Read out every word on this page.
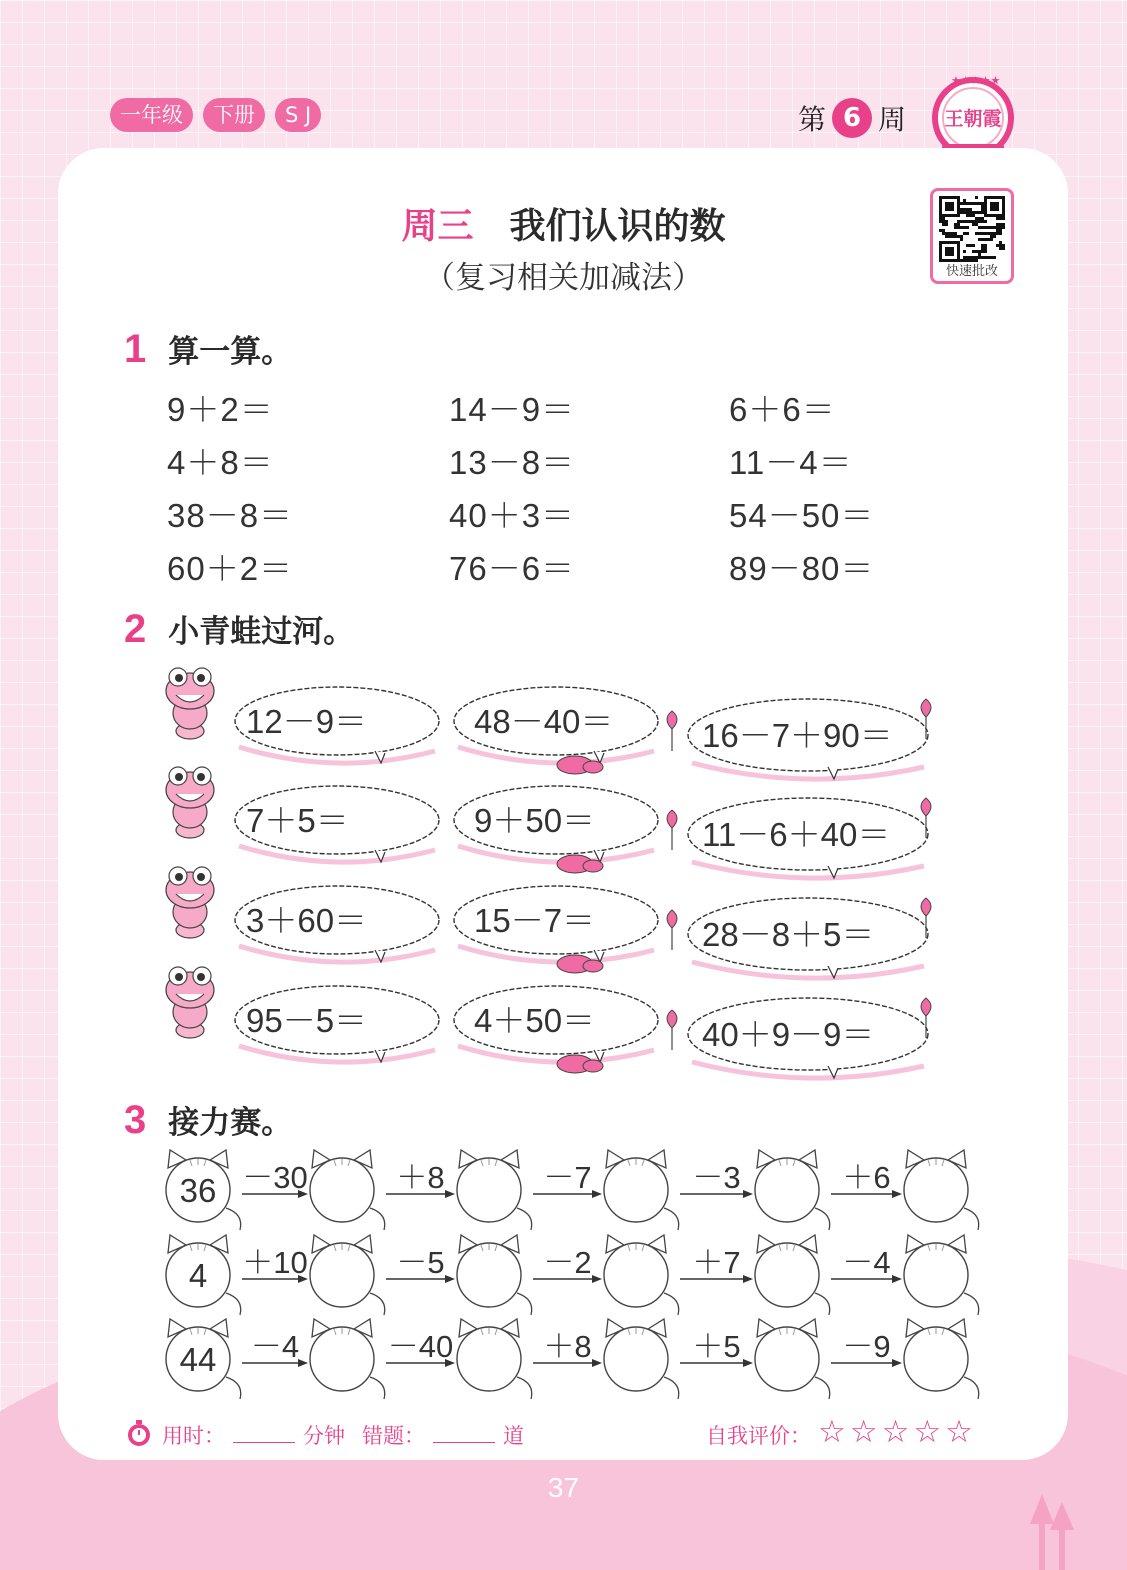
一年级	下册	S J	第 6 周
★★★★★
王朝霞
周三 我们认识的数
（复习相关加减法）	快速批改
1 算一算。
9＋2＝	14－9＝	6＋6＝
4＋8＝	13－8＝	11－4＝
38－8＝	40＋3＝	54－50＝
60＋2＝	76－6＝	89－80＝
2 小青蛙过河。
3 接力赛。
12－9＝	48－40＝	16－7＋90＝
7＋5＝	9＋50＝	11－6＋40＝
3＋60＝	15－7＝	28－8＋5＝
95－5＝	4＋50＝	40＋9－9＝
36 －30	＋8	－7	－3	＋6
4 ＋10	－5	－2	＋7	－4
44 －4	－40	＋8	＋5	－9
用时：	分钟 错题：	道	自我评价： ☆☆☆☆☆
37
